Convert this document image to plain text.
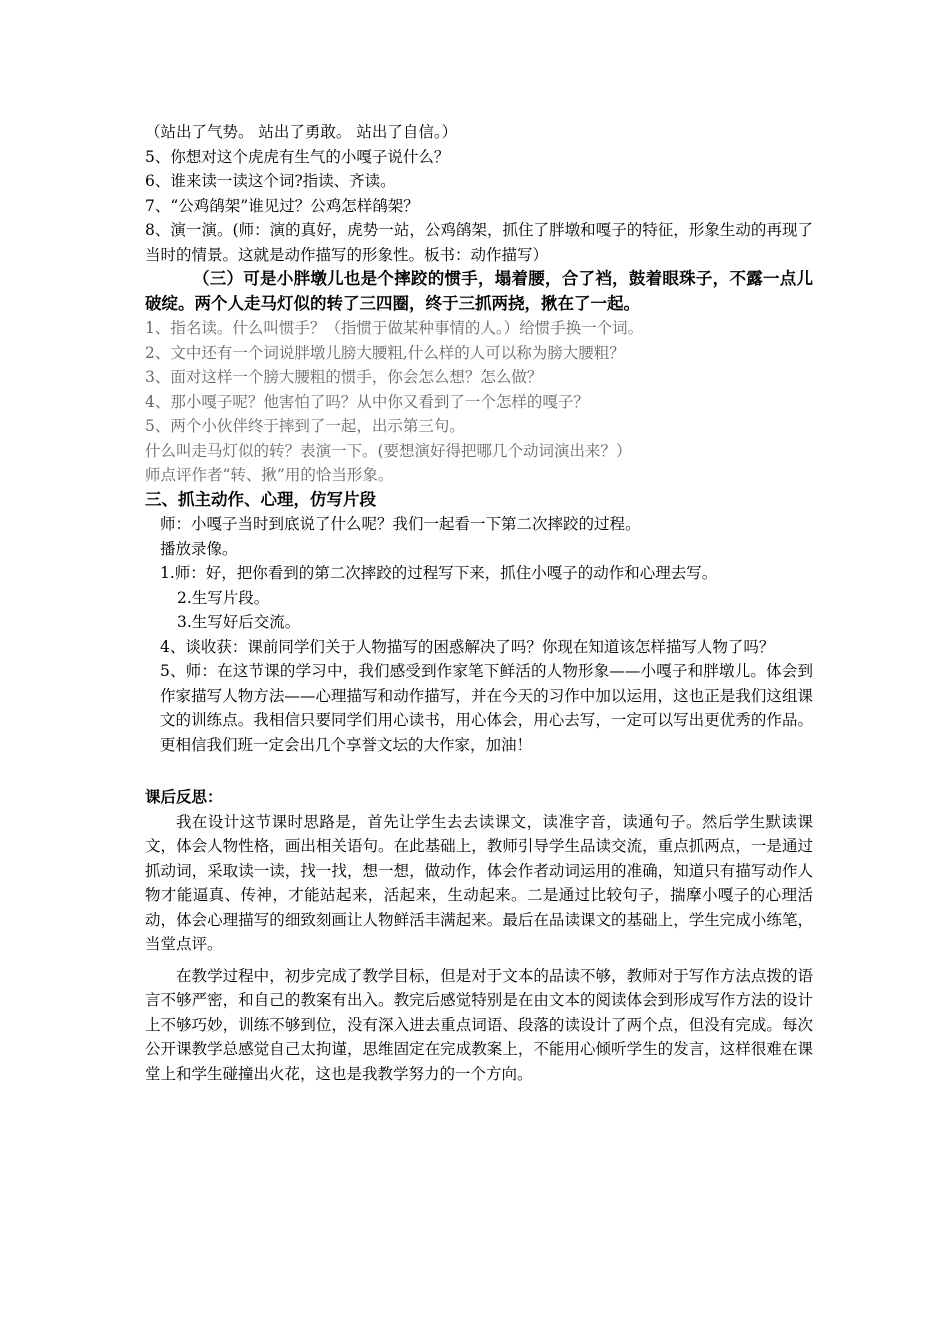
（站出了气势。 站出了勇敢。 站出了自信。）
5、你想对这个虎虎有生气的小嘎子说什么？
6、谁来读一读这个词?指读、齐读。
7、“公鸡鹐架”谁见过？公鸡怎样鹐架？
8、演一演。(师：演的真好，虎势一站，公鸡鹐架，抓住了胖墩和嘎子的特征，形象生动的再现了当时的情景。这就是动作描写的形象性。板书：动作描写）
（三）可是小胖墩儿也是个摔跤的惯手，塌着腰，合了裆，鼓着眼珠子，不露一点儿破绽。两个人走马灯似的转了三四圈，终于三抓两挠，揪在了一起。
1、指名读。什么叫惯手？（指惯于做某种事情的人。）给惯手换一个词。
2、文中还有一个词说胖墩儿膀大腰粗,什么样的人可以称为膀大腰粗？
3、面对这样一个膀大腰粗的惯手，你会怎么想？怎么做？
4、那小嘎子呢？他害怕了吗？从中你又看到了一个怎样的嘎子？
5、两个小伙伴终于摔到了一起，出示第三句。
什么叫走马灯似的转？表演一下。(要想演好得把哪几个动词演出来？）
师点评作者“转、揪”用的恰当形象。
三、抓主动作、心理，仿写片段
师：小嘎子当时到底说了什么呢？我们一起看一下第二次摔跤的过程。
播放录像。
1.师：好，把你看到的第二次摔跤的过程写下来，抓住小嘎子的动作和心理去写。
2.生写片段。
3.生写好后交流。
4、谈收获：课前同学们关于人物描写的困惑解决了吗？你现在知道该怎样描写人物了吗？
5、师：在这节课的学习中，我们感受到作家笔下鲜活的人物形象——小嘎子和胖墩儿。体会到作家描写人物方法——心理描写和动作描写，并在今天的习作中加以运用，这也正是我们这组课文的训练点。我相信只要同学们用心读书，用心体会，用心去写，一定可以写出更优秀的作品。更相信我们班一定会出几个享誉文坛的大作家，加油！
课后反思：

我在设计这节课时思路是，首先让学生去去读课文，读准字音，读通句子。然后学生默读课文，体会人物性格，画出相关语句。在此基础上，教师引导学生品读交流，重点抓两点，一是通过抓动词，采取读一读，找一找，想一想，做动作，体会作者动词运用的准确，知道只有描写动作人物才能逼真、传神，才能站起来，活起来，生动起来。二是通过比较句子，揣摩小嘎子的心理活动，体会心理描写的细致刻画让人物鲜活丰满起来。最后在品读课文的基础上，学生完成小练笔，当堂点评。

在教学过程中，初步完成了教学目标，但是对于文本的品读不够，教师对于写作方法点拨的语言不够严密，和自己的教案有出入。教完后感觉特别是在由文本的阅读体会到形成写作方法的设计上不够巧妙，训练不够到位，没有深入进去重点词语、段落的读设计了两个点，但没有完成。每次公开课教学总感觉自己太拘谨，思维固定在完成教案上，不能用心倾听学生的发言，这样很难在课堂上和学生碰撞出火花，这也是我教学努力的一个方向。
